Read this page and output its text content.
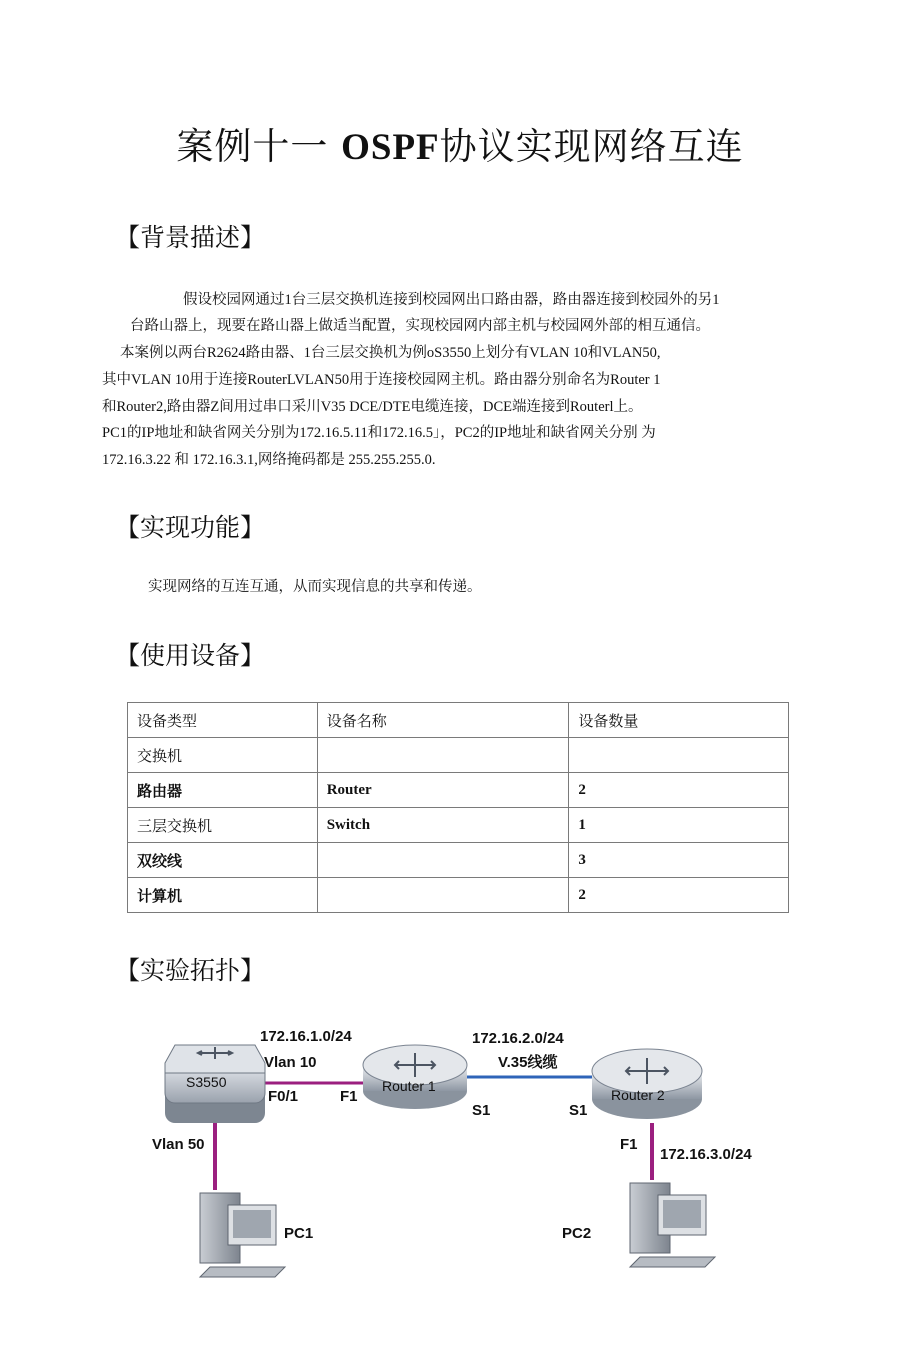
案例十一 OSPF协议实现网络互连
【背景描述】
假设校园网通过1台三层交换机连接到校园网出口路由器，路由器连接到校园外的另1
台路山器上，现要在路山器上做适当配置，实现校园网内部主机与校园网外部的相互通信。
本案例以两台R2624路由器、1台三层交换机为例oS3550上划分有VLAN 10和VLAN50,
其中VLAN 10用于连接RouterLVLAN50用于连接校园网主机。路由器分别命名为Router 1
和Router2,路由器Z间用过串口采川V35 DCE/DTE电缆连接，DCE端连接到Routerl上。
PC1的IP地址和缺省网关分别为172.16.5.11和172.16.5」，PC2的IP地址和缺省网关分别 为
172.16.3.22 和 172.16.3.1,网络掩码都是 255.255.255.0.
【实现功能】
实现网络的互连互通，从而实现信息的共享和传递。
【使用设备】
设备类型	设备名称	设备数量
交换机		
路由器	Router	2
三层交换机	Switch	1
双绞线		3
计算机		2
【实验拓扑】
S3550	Router 1
Router 2
172.16.1.0/24
Vlan 10
F0/1	F1
172.16.2.0/24
V.35线缆
S1	S1
Vlan 50	F1
172.16.3.0/24
PC1	PC2
